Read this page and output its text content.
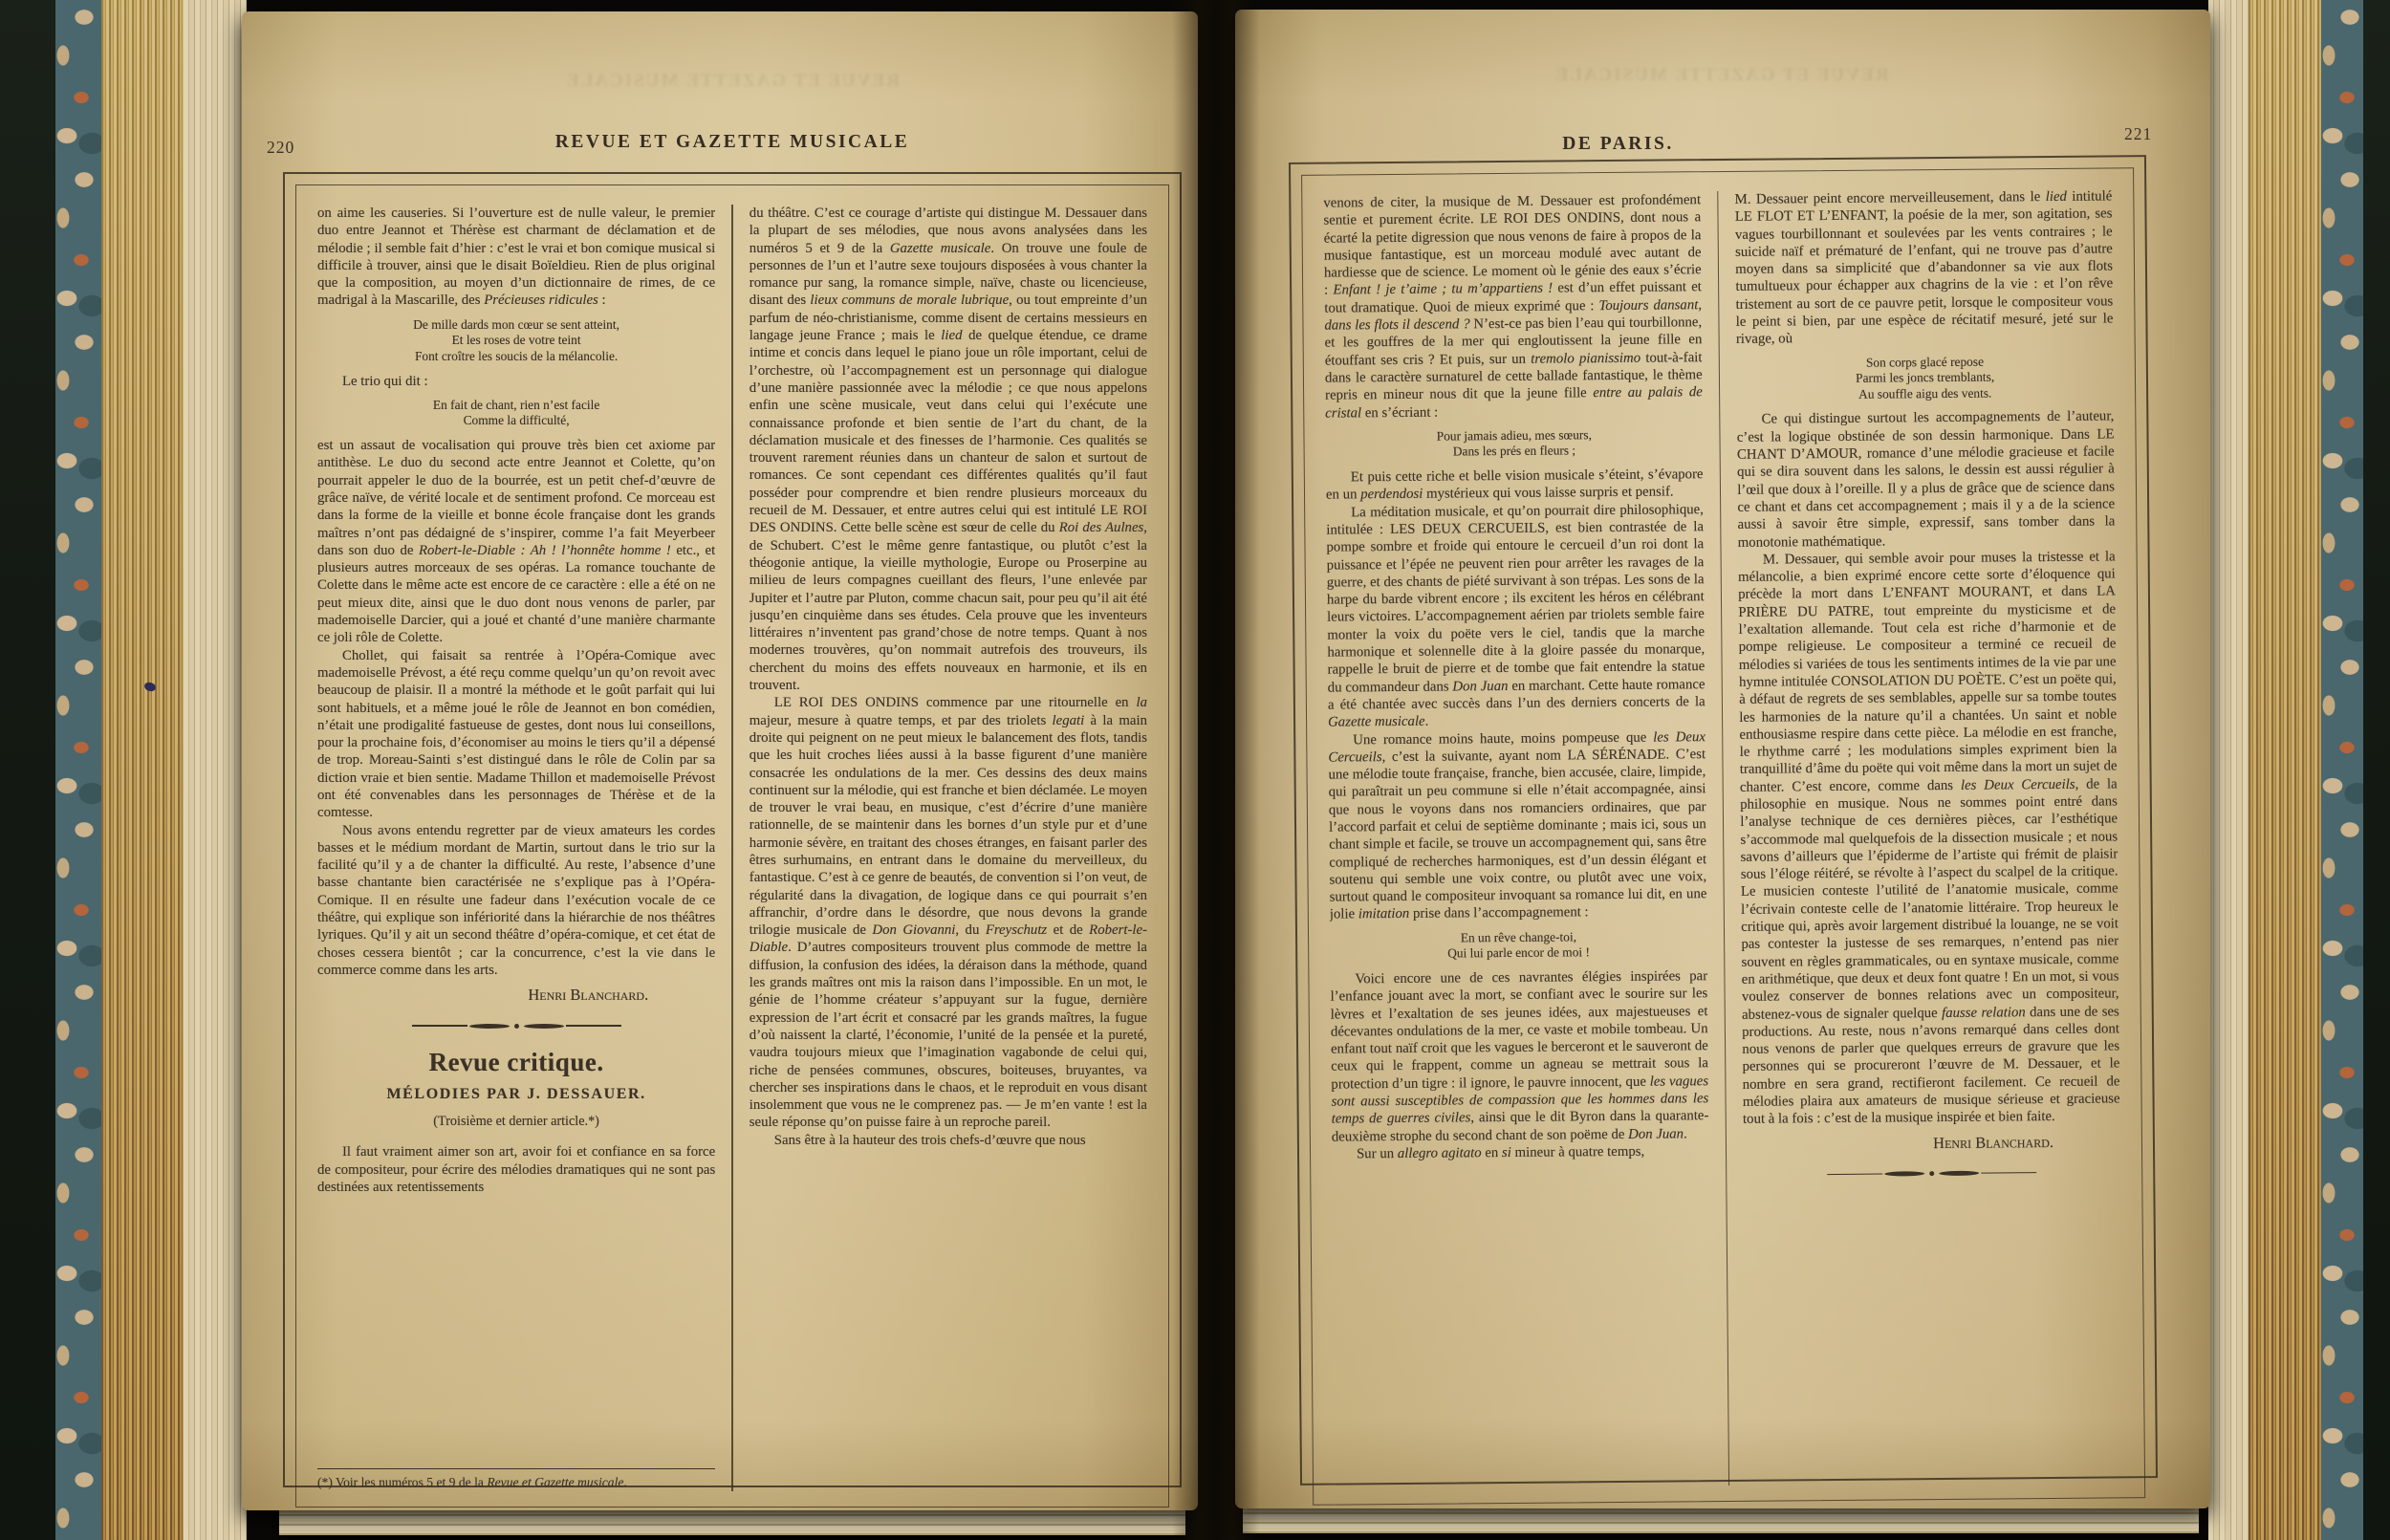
REVUE ET GAZETTE MUSICALE
220	REVUE ET GAZETTE MUSICALE

on aime les causeries. Si l’ouverture est de nulle valeur, le premier duo entre Jeannot et Thérèse est charmant de déclamation et de mélodie ; il semble fait d’hier : c’est le vrai et bon comique musical si difficile à trouver, ainsi que le disait Boïeldieu. Rien de plus original que la composition, au moyen d’un dictionnaire de rimes, de ce madrigal à la Mascarille, des Précieuses ridicules :

De mille dards mon cœur se sent atteint,
Et les roses de votre teint
Font croître les soucis de la mélancolie.

Le trio qui dit :

En fait de chant, rien n’est facile
Comme la difficulté,

est un assaut de vocalisation qui prouve très bien cet axiome par antithèse. Le duo du second acte entre Jeannot et Colette, qu’on pourrait appeler le duo de la bourrée, est un petit chef-d’œuvre de grâce naïve, de vérité locale et de sentiment profond. Ce morceau est dans la forme de la vieille et bonne école française dont les grands maîtres n’ont pas dédaigné de s’inspirer, comme l’a fait Meyerbeer dans son duo de Robert-le-Diable : Ah ! l’honnête homme ! etc., et plusieurs autres morceaux de ses opéras. La romance touchante de Colette dans le même acte est encore de ce caractère : elle a été on ne peut mieux dite, ainsi que le duo dont nous venons de parler, par mademoiselle Darcier, qui a joué et chanté d’une manière charmante ce joli rôle de Colette.

Chollet, qui faisait sa rentrée à l’Opéra-Comique avec mademoiselle Prévost, a été reçu comme quelqu’un qu’on revoit avec beaucoup de plaisir. Il a montré la méthode et le goût parfait qui lui sont habituels, et a même joué le rôle de Jeannot en bon comédien, n’était une prodigalité fastueuse de gestes, dont nous lui conseillons, pour la prochaine fois, d’économiser au moins le tiers qu’il a dépensé de trop. Moreau-Sainti s’est distingué dans le rôle de Colin par sa diction vraie et bien sentie. Madame Thillon et mademoiselle Prévost ont été convenables dans les personnages de Thérèse et de la comtesse.

Nous avons entendu regretter par de vieux amateurs les cordes basses et le médium mordant de Martin, surtout dans le trio sur la facilité qu’il y a de chanter la difficulté. Au reste, l’absence d’une basse chantante bien caractérisée ne s’explique pas à l’Opéra-Comique. Il en résulte une fadeur dans l’exécution vocale de ce théâtre, qui explique son infériorité dans la hiérarchie de nos théâtres lyriques. Qu’il y ait un second théâtre d’opéra-comique, et cet état de choses cessera bientôt ; car la concurrence, c’est la vie dans le commerce comme dans les arts.

Henri Blanchard.

Revue critique.
MÉLODIES PAR J. DESSAUER.

(Troisième et dernier article.*)

Il faut vraiment aimer son art, avoir foi et confiance en sa force de compositeur, pour écrire des mélodies dramatiques qui ne sont pas destinées aux retentissements

(*) Voir les numéros 5 et 9 de la Revue et Gazette musicale.

du théâtre. C’est ce courage d’artiste qui distingue M. Dessauer dans la plupart de ses mélodies, que nous avons analysées dans les numéros 5 et 9 de la Gazette musicale. On trouve une foule de personnes de l’un et l’autre sexe toujours disposées à vous chanter la romance pur sang, la romance simple, naïve, chaste ou licencieuse, disant des lieux communs de morale lubrique, ou tout empreinte d’un parfum de néo-christianisme, comme disent de certains messieurs en langage jeune France ; mais le lied de quelque étendue, ce drame intime et concis dans lequel le piano joue un rôle important, celui de l’orchestre, où l’accompagnement est un personnage qui dialogue d’une manière passionnée avec la mélodie ; ce que nous appelons enfin une scène musicale, veut dans celui qui l’exécute une connaissance profonde et bien sentie de l’art du chant, de la déclamation musicale et des finesses de l’harmonie. Ces qualités se trouvent rarement réunies dans un chanteur de salon et surtout de romances. Ce sont cependant ces différentes qualités qu’il faut posséder pour comprendre et bien rendre plusieurs morceaux du recueil de M. Dessauer, et entre autres celui qui est intitulé LE ROI DES ONDINS. Cette belle scène est sœur de celle du Roi des Aulnes, de Schubert. C’est le même genre fantastique, ou plutôt c’est la théogonie antique, la vieille mythologie, Europe ou Proserpine au milieu de leurs compagnes cueillant des fleurs, l’une enlevée par Jupiter et l’autre par Pluton, comme chacun sait, pour peu qu’il ait été jusqu’en cinquième dans ses études. Cela prouve que les inventeurs littéraires n’inventent pas grand’chose de notre temps. Quant à nos modernes trouvères, qu’on nommait autrefois des trouveurs, ils cherchent du moins des effets nouveaux en harmonie, et ils en trouvent.

LE ROI DES ONDINS commence par une ritournelle en la majeur, mesure à quatre temps, et par des triolets legati à la main droite qui peignent on ne peut mieux le balancement des flots, tandis que les huit croches liées aussi à la basse figurent d’une manière consacrée les ondulations de la mer. Ces dessins des deux mains continuent sur la mélodie, qui est franche et bien déclamée. Le moyen de trouver le vrai beau, en musique, c’est d’écrire d’une manière rationnelle, de se maintenir dans les bornes d’un style pur et d’une harmonie sévère, en traitant des choses étranges, en faisant parler des êtres surhumains, en entrant dans le domaine du merveilleux, du fantastique. C’est à ce genre de beautés, de convention si l’on veut, de régularité dans la divagation, de logique dans ce qui pourrait s’en affranchir, d’ordre dans le désordre, que nous devons la grande trilogie musicale de Don Giovanni, du Freyschutz et de Robert-le-Diable. D’autres compositeurs trouvent plus commode de mettre la diffusion, la confusion des idées, la déraison dans la méthode, quand les grands maîtres ont mis la raison dans l’impossible. En un mot, le génie de l’homme créateur s’appuyant sur la fugue, dernière expression de l’art écrit et consacré par les grands maîtres, la fugue d’où naissent la clarté, l’économie, l’unité de la pensée et la pureté, vaudra toujours mieux que l’imagination vagabonde de celui qui, riche de pensées communes, obscures, boiteuses, bruyantes, va chercher ses inspirations dans le chaos, et le reproduit en vous disant insolemment que vous ne le comprenez pas. — Je m’en vante ! est la seule réponse qu’on puisse faire à un reproche pareil.

Sans être à la hauteur des trois chefs-d’œuvre que nous

REVUE ET GAZETTE MUSICALE
DE PARIS.	221

venons de citer, la musique de M. Dessauer est profondément sentie et purement écrite. LE ROI DES ONDINS, dont nous a écarté la petite digression que nous venons de faire à propos de la musique fantastique, est un morceau modulé avec autant de hardiesse que de science. Le moment où le génie des eaux s’écrie : Enfant ! je t’aime ; tu m’appartiens ! est d’un effet puissant et tout dramatique. Quoi de mieux exprimé que : Toujours dansant, dans les flots il descend ? N’est-ce pas bien l’eau qui tourbillonne, et les gouffres de la mer qui engloutissent la jeune fille en étouffant ses cris ? Et puis, sur un tremolo pianissimo tout-à-fait dans le caractère surnaturel de cette ballade fantastique, le thème repris en mineur nous dit que la jeune fille entre au palais de cristal en s’écriant :

Pour jamais adieu, mes sœurs,
Dans les prés en fleurs ;

Et puis cette riche et belle vision musicale s’éteint, s’évapore en un perdendosi mystérieux qui vous laisse surpris et pensif.

La méditation musicale, et qu’on pourrait dire philosophique, intitulée : LES DEUX CERCUEILS, est bien contrastée de la pompe sombre et froide qui entoure le cercueil d’un roi dont la puissance et l’épée ne peuvent rien pour arrêter les ravages de la guerre, et des chants de piété survivant à son trépas. Les sons de la harpe du barde vibrent encore ; ils excitent les héros en célébrant leurs victoires. L’accompagnement aérien par triolets semble faire monter la voix du poëte vers le ciel, tandis que la marche harmonique et solennelle dite à la gloire passée du monarque, rappelle le bruit de pierre et de tombe que fait entendre la statue du commandeur dans Don Juan en marchant. Cette haute romance a été chantée avec succès dans l’un des derniers concerts de la Gazette musicale.

Une romance moins haute, moins pompeuse que les Deux Cercueils, c’est la suivante, ayant nom LA SÉRÉNADE. C’est une mélodie toute française, franche, bien accusée, claire, limpide, qui paraîtrait un peu commune si elle n’était accompagnée, ainsi que nous le voyons dans nos romanciers ordinaires, que par l’accord parfait et celui de septième dominante ; mais ici, sous un chant simple et facile, se trouve un accompagnement qui, sans être compliqué de recherches harmoniques, est d’un dessin élégant et soutenu qui semble une voix contre, ou plutôt avec une voix, surtout quand le compositeur invoquant sa romance lui dit, en une jolie imitation prise dans l’accompagnement :

En un rêve change-toi,
Qui lui parle encor de moi !

Voici encore une de ces navrantes élégies inspirées par l’enfance jouant avec la mort, se confiant avec le sourire sur les lèvres et l’exaltation de ses jeunes idées, aux majestueuses et décevantes ondulations de la mer, ce vaste et mobile tombeau. Un enfant tout naïf croit que les vagues le berceront et le sauveront de ceux qui le frappent, comme un agneau se mettrait sous la protection d’un tigre : il ignore, le pauvre innocent, que les vagues sont aussi susceptibles de compassion que les hommes dans les temps de guerres civiles, ainsi que le dit Byron dans la quarante-deuxième strophe du second chant de son poëme de Don Juan.

Sur un allegro agitato en si mineur à quatre temps,

M. Dessauer peint encore merveilleusement, dans le lied intitulé LE FLOT ET L’ENFANT, la poésie de la mer, son agitation, ses vagues tourbillonnant et soulevées par les vents contraires ; le suicide naïf et prématuré de l’enfant, qui ne trouve pas d’autre moyen dans sa simplicité que d’abandonner sa vie aux flots tumultueux pour échapper aux chagrins de la vie : et l’on rêve tristement au sort de ce pauvre petit, lorsque le compositeur vous le peint si bien, par une espèce de récitatif mesuré, jeté sur le rivage, où

Son corps glacé repose
Parmi les joncs tremblants,
Au souffle aigu des vents.

Ce qui distingue surtout les accompagnements de l’auteur, c’est la logique obstinée de son dessin harmonique. Dans LE CHANT D’AMOUR, romance d’une mélodie gracieuse et facile qui se dira souvent dans les salons, le dessin est aussi régulier à l’œil que doux à l’oreille. Il y a plus de grâce que de science dans ce chant et dans cet accompagnement ; mais il y a de la science aussi à savoir être simple, expressif, sans tomber dans la monotonie mathématique.

M. Dessauer, qui semble avoir pour muses la tristesse et la mélancolie, a bien exprimé encore cette sorte d’éloquence qui précède la mort dans L’ENFANT MOURANT, et dans LA PRIÈRE DU PATRE, tout empreinte du mysticisme et de l’exaltation allemande. Tout cela est riche d’harmonie et de pompe religieuse. Le compositeur a terminé ce recueil de mélodies si variées de tous les sentiments intimes de la vie par une hymne intitulée CONSOLATION DU POÈTE. C’est un poëte qui, à défaut de regrets de ses semblables, appelle sur sa tombe toutes les harmonies de la nature qu’il a chantées. Un saint et noble enthousiasme respire dans cette pièce. La mélodie en est franche, le rhythme carré ; les modulations simples expriment bien la tranquillité d’âme du poëte qui voit même dans la mort un sujet de chanter. C’est encore, comme dans les Deux Cercueils, de la philosophie en musique. Nous ne sommes point entré dans l’analyse technique de ces dernières pièces, car l’esthétique s’accommode mal quelquefois de la dissection musicale ; et nous savons d’ailleurs que l’épiderme de l’artiste qui frémit de plaisir sous l’éloge réitéré, se révolte à l’aspect du scalpel de la critique. Le musicien conteste l’utilité de l’anatomie musicale, comme l’écrivain conteste celle de l’anatomie littéraire. Trop heureux le critique qui, après avoir largement distribué la louange, ne se voit pas contester la justesse de ses remarques, n’entend pas nier souvent en règles grammaticales, ou en syntaxe musicale, comme en arithmétique, que deux et deux font quatre ! En un mot, si vous voulez conserver de bonnes relations avec un compositeur, abstenez-vous de signaler quelque fausse relation dans une de ses productions. Au reste, nous n’avons remarqué dans celles dont nous venons de parler que quelques erreurs de gravure que les personnes qui se procureront l’œuvre de M. Dessauer, et le nombre en sera grand, rectifieront facilement. Ce recueil de mélodies plaira aux amateurs de musique sérieuse et gracieuse tout à la fois : c’est de la musique inspirée et bien faite.

Henri Blanchard.
